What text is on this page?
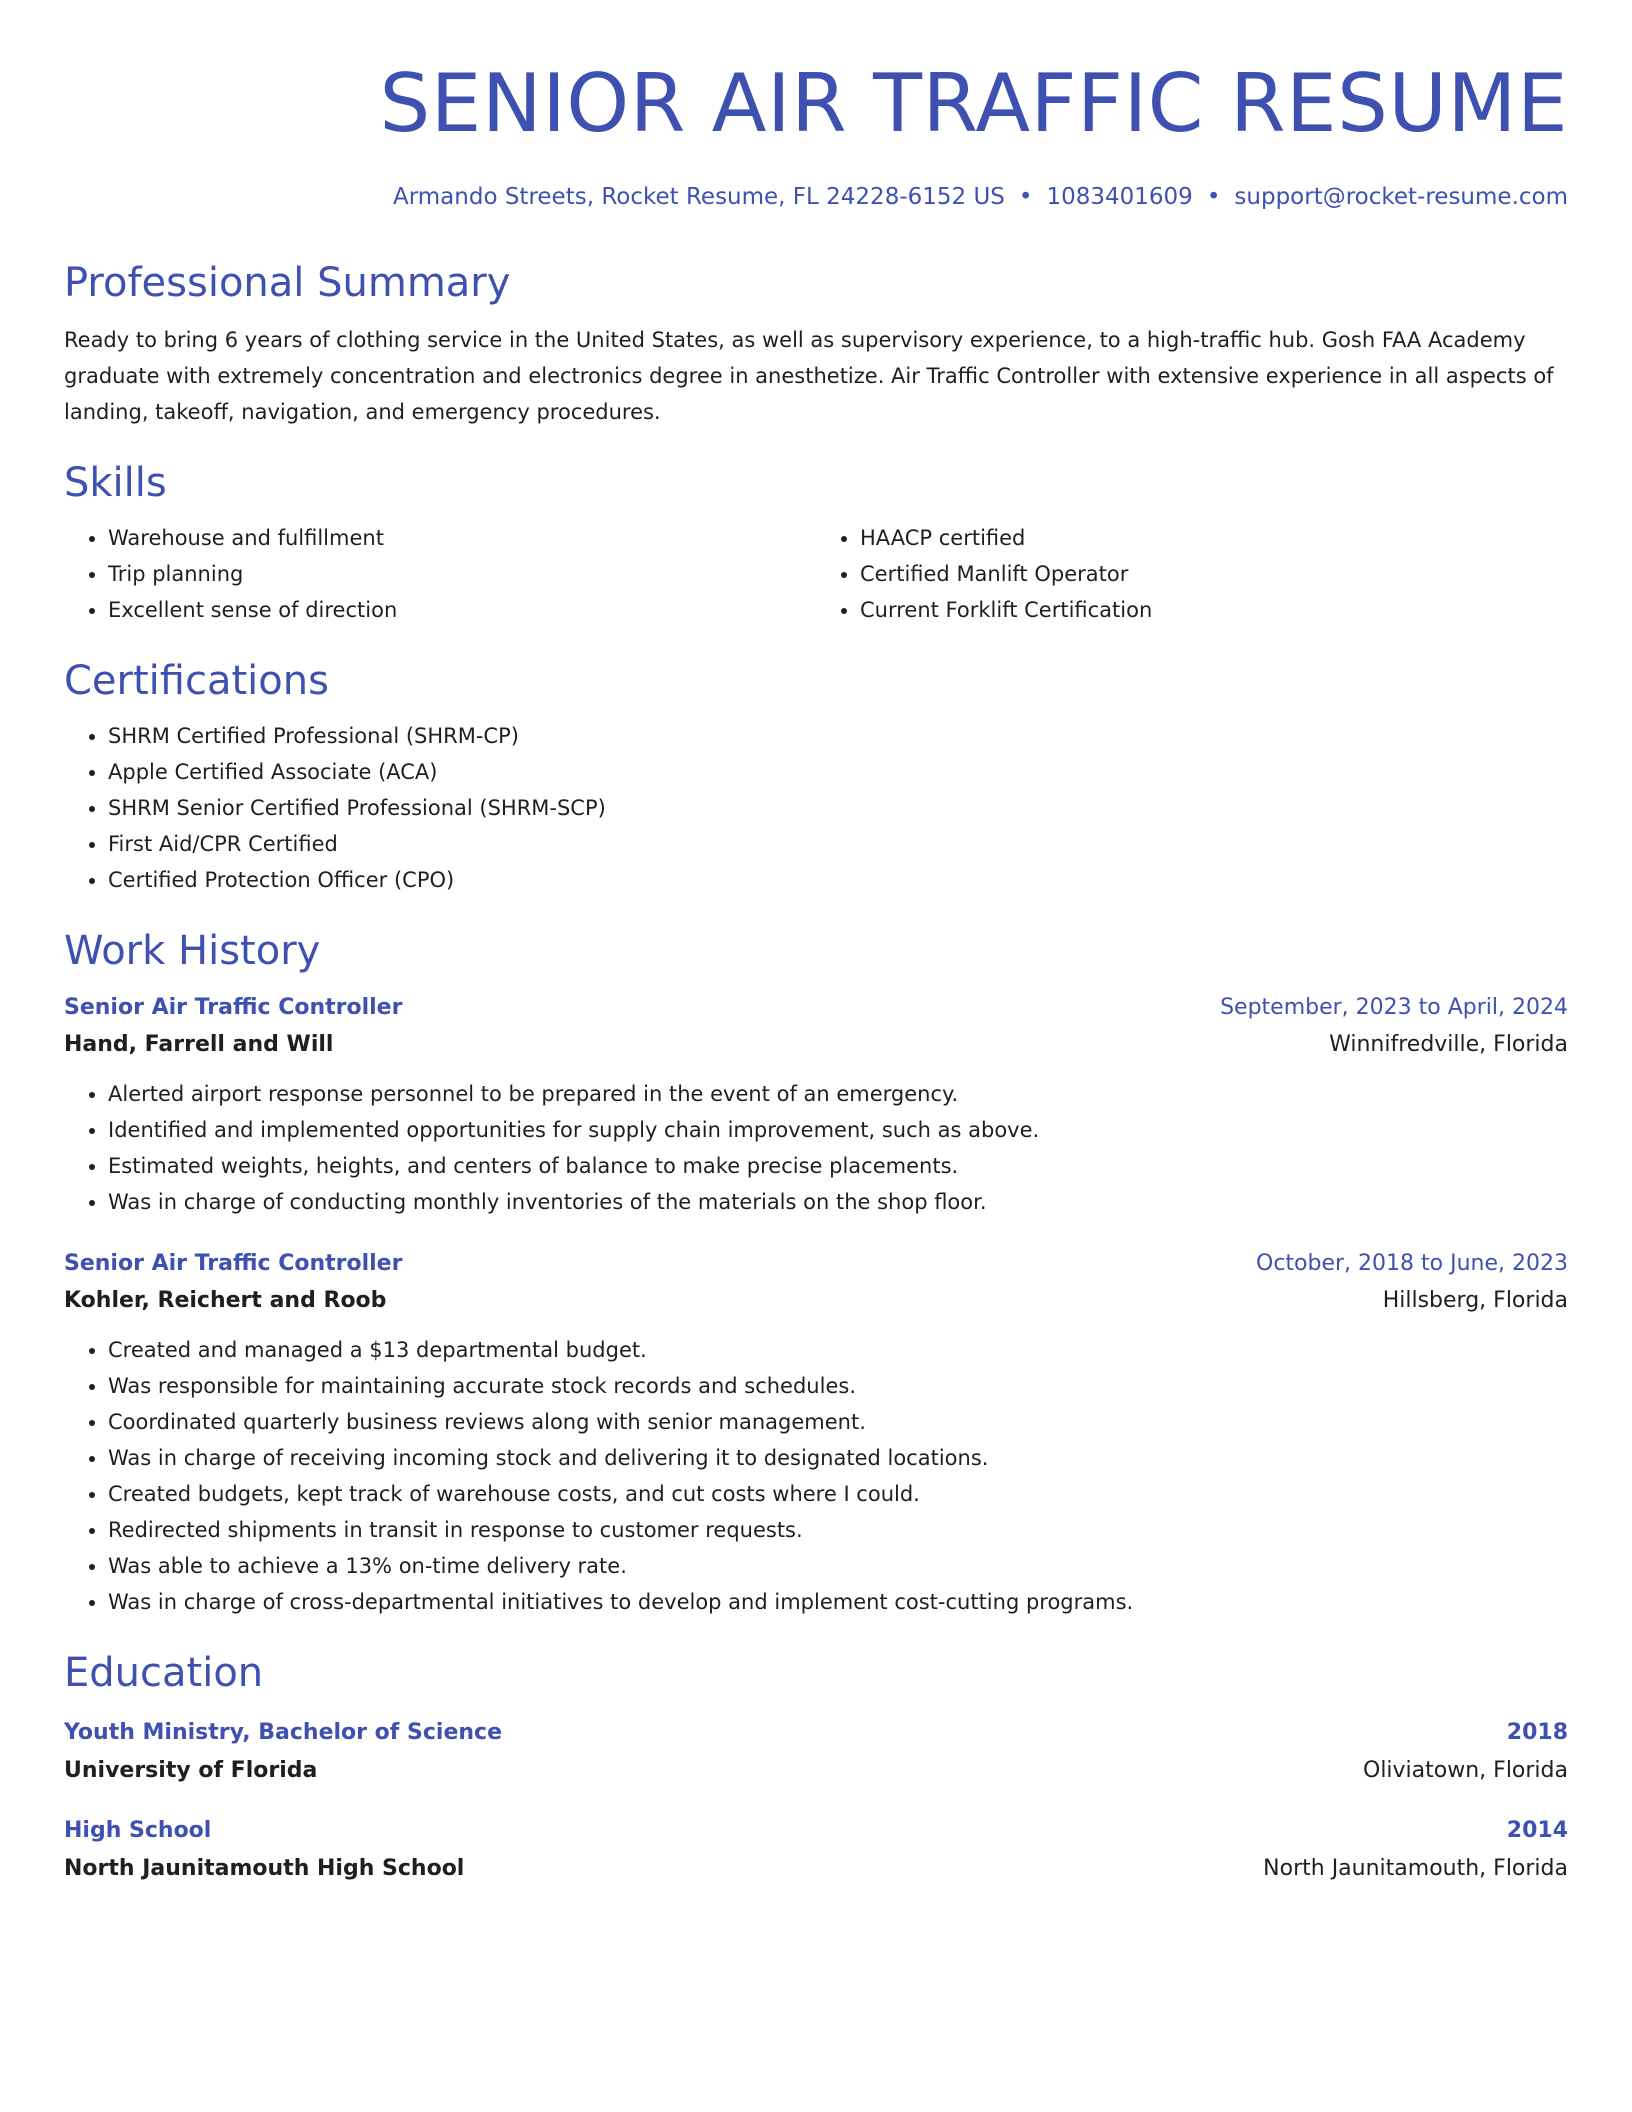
SENIOR AIR TRAFFIC RESUME
Armando Streets, Rocket Resume, FL 24228-6152 US • 1083401609 • support@rocket-resume.com
Professional Summary
Ready to bring 6 years of clothing service in the United States, as well as supervisory experience, to a high-traffic hub. Gosh FAA Academy graduate with extremely concentration and electronics degree in anesthetize. Air Traffic Controller with extensive experience in all aspects of landing, takeoff, navigation, and emergency procedures.
Skills
• Warehouse and fulfillment
• Trip planning
• Excellent sense of direction
• HAACP certified
• Certified Manlift Operator
• Current Forklift Certification
Certifications
• SHRM Certified Professional (SHRM-CP)
• Apple Certified Associate (ACA)
• SHRM Senior Certified Professional (SHRM-SCP)
• First Aid/CPR Certified
• Certified Protection Officer (CPO)
Work History
Senior Air Traffic Controller	September, 2023 to April, 2024
Hand, Farrell and Will	Winnifredville, Florida
• Alerted airport response personnel to be prepared in the event of an emergency.
• Identified and implemented opportunities for supply chain improvement, such as above.
• Estimated weights, heights, and centers of balance to make precise placements.
• Was in charge of conducting monthly inventories of the materials on the shop floor.
Senior Air Traffic Controller	October, 2018 to June, 2023
Kohler, Reichert and Roob	Hillsberg, Florida
• Created and managed a $13 departmental budget.
• Was responsible for maintaining accurate stock records and schedules.
• Coordinated quarterly business reviews along with senior management.
• Was in charge of receiving incoming stock and delivering it to designated locations.
• Created budgets, kept track of warehouse costs, and cut costs where I could.
• Redirected shipments in transit in response to customer requests.
• Was able to achieve a 13% on-time delivery rate.
• Was in charge of cross-departmental initiatives to develop and implement cost-cutting programs.
Education
Youth Ministry, Bachelor of Science	2018
University of Florida	Oliviatown, Florida
High School	2014
North Jaunitamouth High School	North Jaunitamouth, Florida
